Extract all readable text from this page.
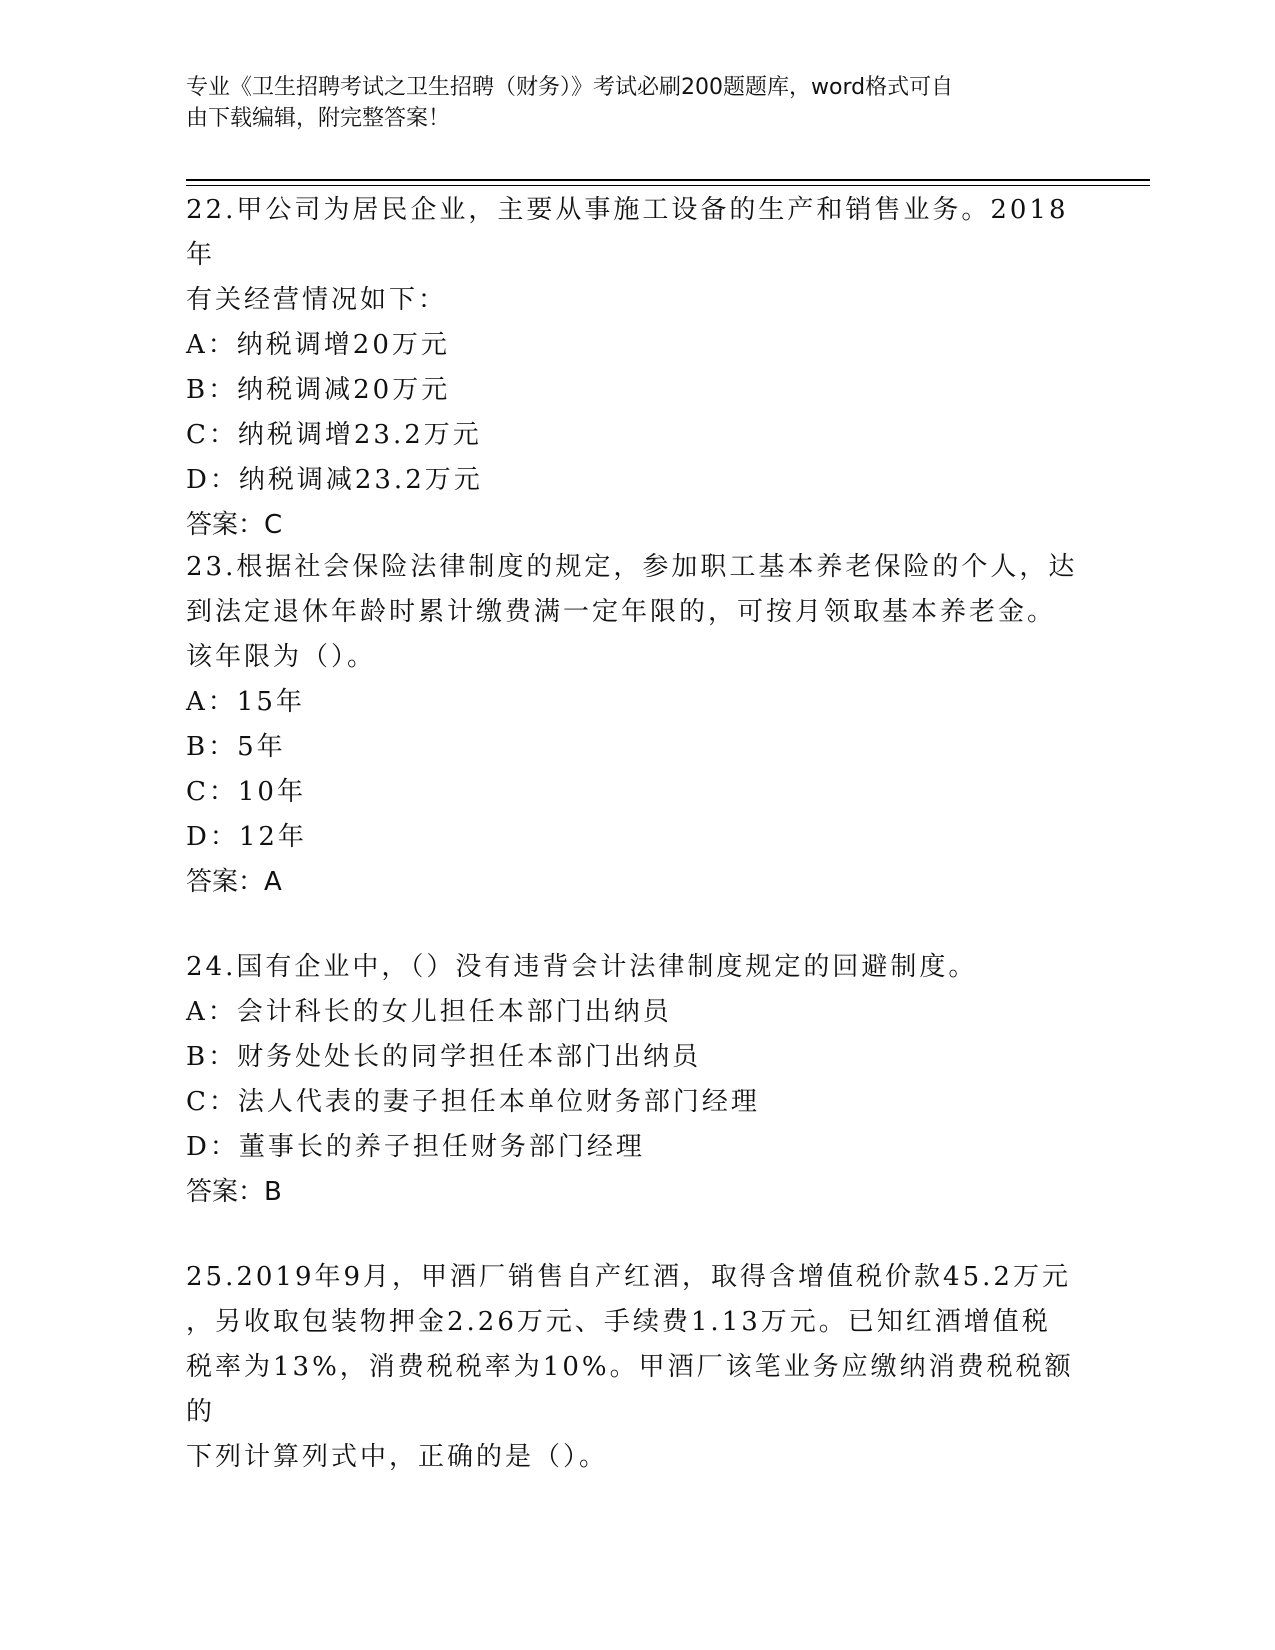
专业《卫生招聘考试之卫生招聘（财务）》考试必刷200题题库，word格式可自
由下载编辑，附完整答案！
22.甲公司为居民企业，主要从事施工设备的生产和销售业务。2018年
有关经营情况如下：
A：纳税调增20万元
B：纳税调减20万元
C：纳税调增23.2万元
D：纳税调减23.2万元
答案：C
23.根据社会保险法律制度的规定，参加职工基本养老保险的个人，达
到法定退休年龄时累计缴费满一定年限的，可按月领取基本养老金。
该年限为（）。
A：15年
B：5年
C：10年
D：12年
答案：A
24.国有企业中，（）没有违背会计法律制度规定的回避制度。
A：会计科长的女儿担任本部门出纳员
B：财务处处长的同学担任本部门出纳员
C：法人代表的妻子担任本单位财务部门经理
D：董事长的养子担任财务部门经理
答案：B
25.2019年9月，甲酒厂销售自产红酒，取得含增值税价款45.2万元
，另收取包装物押金2.26万元、手续费1.13万元。已知红酒增值税
税率为13%，消费税税率为10%。甲酒厂该笔业务应缴纳消费税税额的
下列计算列式中，正确的是（）。
